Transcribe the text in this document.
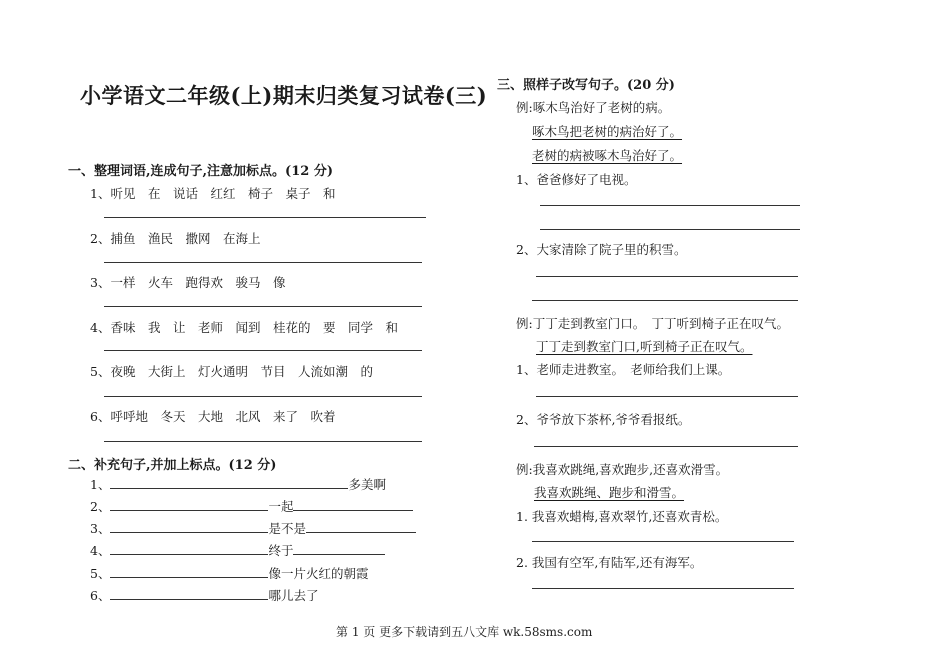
小学语文二年级(上)期末归类复习试卷(三)
一、整理词语,连成句子,注意加标点。(12 分)
1、听见　在　说话　红红　椅子　桌子　和
2、捕鱼　渔民　撒网　在海上
3、一样　火车　跑得欢　骏马　像
4、香味　我　让　老师　闻到　桂花的　要　同学　和
5、夜晚　大街上　灯火通明　节目　人流如潮　的
6、呼呼地　冬天　大地　北风　来了　吹着
二、补充句子,并加上标点。(12 分)
1、	多美啊
2、	一起
3、	是不是
4、	终于
5、	像一片火红的朝霞
6、	哪儿去了
三、照样子改写句子。(20 分)
例:啄木鸟治好了老树的病。
啄木鸟把老树的病治好了。
老树的病被啄木鸟治好了。
1、爸爸修好了电视。
2、大家清除了院子里的积雪。
例:丁丁走到教室门口。　丁丁听到椅子正在叹气。
丁丁走到教室门口,听到椅子正在叹气。
1、老师走进教室。　老师给我们上课。
2、爷爷放下茶杯,爷爷看报纸。
例:我喜欢跳绳,喜欢跑步,还喜欢滑雪。
我喜欢跳绳、跑步和滑雪。
1. 我喜欢蜡梅,喜欢翠竹,还喜欢青松。
2. 我国有空军,有陆军,还有海军。
第 1 页 更多下载请到五八文库 wk.58sms.com
